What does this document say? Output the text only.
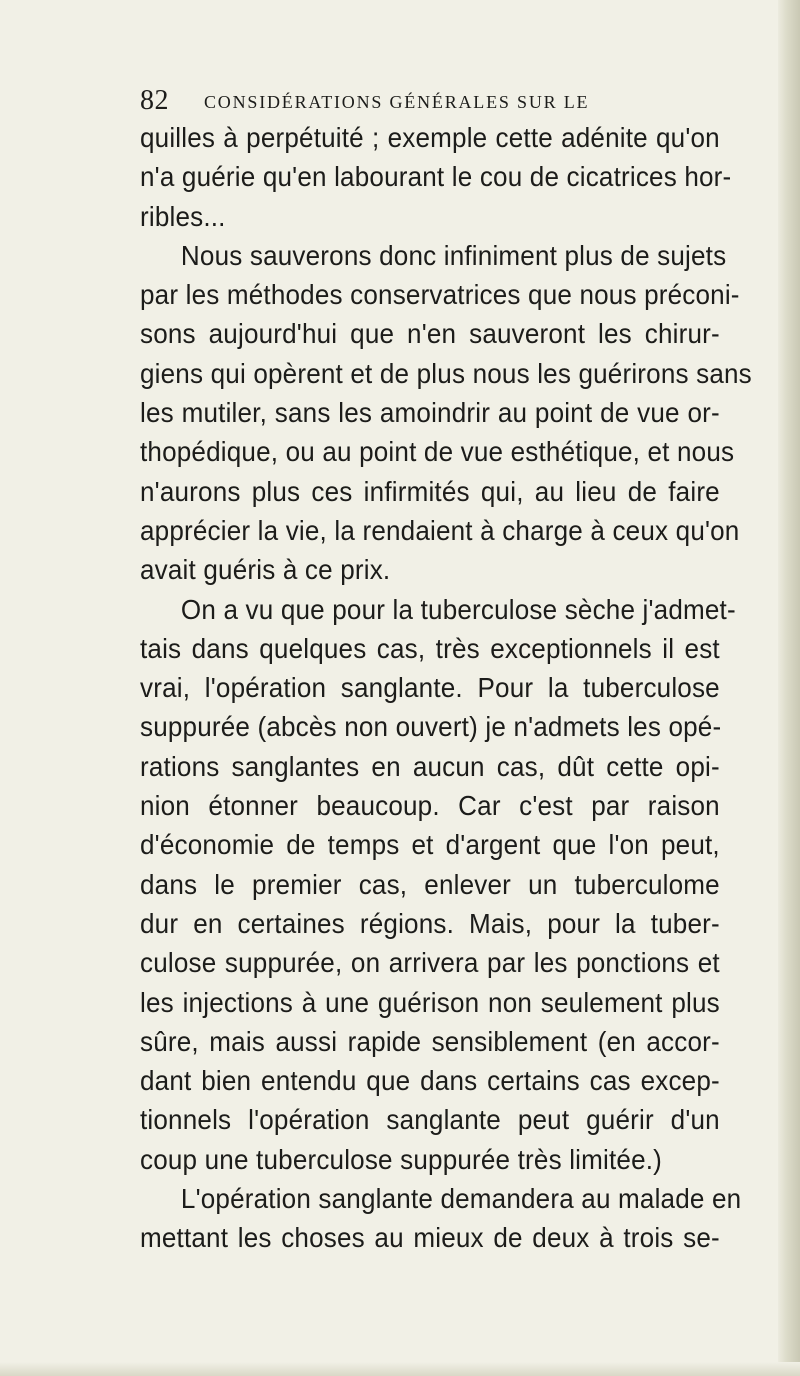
82 CONSIDÉRATIONS GÉNÉRALES SUR LE
quilles à perpétuité ; exemple cette adénite qu'on
n'a guérie qu'en labourant le cou de cicatrices hor-
ribles...
Nous sauverons donc infiniment plus de sujets
par les méthodes conservatrices que nous préconi-
sons aujourd'hui que n'en sauveront les chirur-
giens qui opèrent et de plus nous les guérirons sans
les mutiler, sans les amoindrir au point de vue or-
thopédique, ou au point de vue esthétique, et nous
n'aurons plus ces infirmités qui, au lieu de faire
apprécier la vie, la rendaient à charge à ceux qu'on
avait guéris à ce prix.
On a vu que pour la tuberculose sèche j'admet-
tais dans quelques cas, très exceptionnels il est
vrai, l'opération sanglante. Pour la tuberculose
suppurée (abcès non ouvert) je n'admets les opé-
rations sanglantes en aucun cas, dût cette opi-
nion étonner beaucoup. Car c'est par raison
d'économie de temps et d'argent que l'on peut,
dans le premier cas, enlever un tuberculome
dur en certaines régions. Mais, pour la tuber-
culose suppurée, on arrivera par les ponctions et
les injections à une guérison non seulement plus
sûre, mais aussi rapide sensiblement (en accor-
dant bien entendu que dans certains cas excep-
tionnels l'opération sanglante peut guérir d'un
coup une tuberculose suppurée très limitée.)
L'opération sanglante demandera au malade en
mettant les choses au mieux de deux à trois se-
